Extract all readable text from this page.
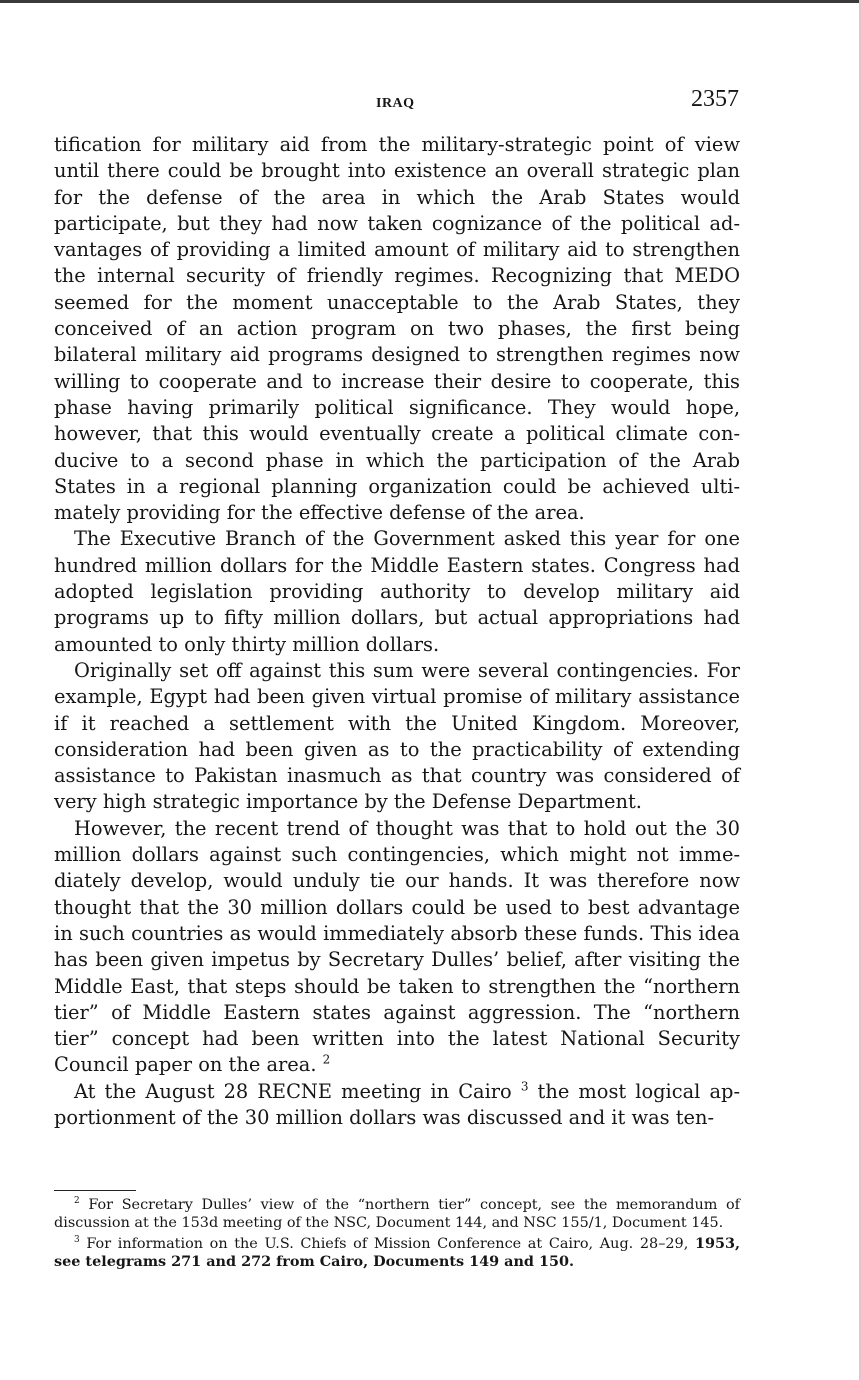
IRAQ	2357

tification for military aid from the military-strategic point of view until there could be brought into existence an overall strategic plan for the defense of the area in which the Arab States would participate, but they had now taken cognizance of the political advantages of providing a limited amount of military aid to strengthen the internal security of friendly regimes. Recognizing that MEDO seemed for the moment unacceptable to the Arab States, they conceived of an action program on two phases, the first being bilateral military aid programs designed to strengthen regimes now willing to cooperate and to increase their desire to cooperate, this phase having primarily political significance. They would hope, however, that this would eventually create a political climate conducive to a second phase in which the participation of the Arab States in a regional planning organization could be achieved ultimately providing for the effective defense of the area.

The Executive Branch of the Government asked this year for one hundred million dollars for the Middle Eastern states. Congress had adopted legislation providing authority to develop military aid programs up to fifty million dollars, but actual appropriations had amounted to only thirty million dollars.

Originally set off against this sum were several contingencies. For example, Egypt had been given virtual promise of military assistance if it reached a settlement with the United Kingdom. Moreover, consideration had been given as to the practicability of extending assistance to Pakistan inasmuch as that country was considered of very high strategic importance by the Defense Department.

However, the recent trend of thought was that to hold out the 30 million dollars against such contingencies, which might not immediately develop, would unduly tie our hands. It was therefore now thought that the 30 million dollars could be used to best advantage in such countries as would immediately absorb these funds. This idea has been given impetus by Secretary Dulles’ belief, after visiting the Middle East, that steps should be taken to strengthen the “northern tier” of Middle Eastern states against aggression. The “northern tier” concept had been written into the latest National Security Council paper on the area. $^2$

At the August 28 RECNE meeting in Cairo $^3$ the most logical apportionment of the 30 million dollars was discussed and it was ten-

$^2$ For Secretary Dulles’ view of the “northern tier” concept, see the memorandum of discussion at the 153d meeting of the NSC, Document 144, and NSC 155/1, Document 145.

$^3$ For information on the U.S. Chiefs of Mission Conference at Cairo, Aug. 28–29, 1953, see telegrams 271 and 272 from Cairo, Documents 149 and 150.
